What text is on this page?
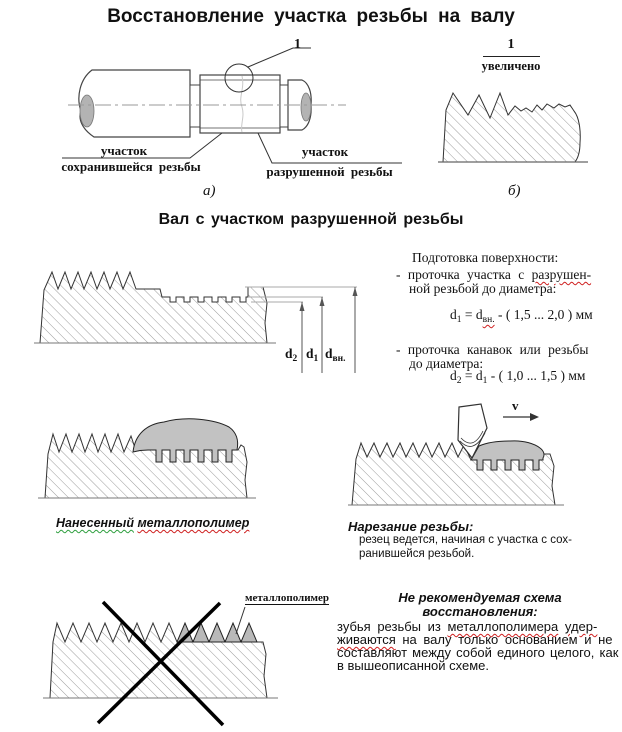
Восстановление участка резьбы на валу
1
участок
сохранившейся резьбы
участок
разрушенной резьбы
а)
1
увеличено
б)
Вал с участком разрушенной резьбы
$d_2$ $d_1$ $d_{вн.}$
Подготовка поверхности:
- проточка участка с разрушен-
ной резьбой до диаметра:
$d_1 = d_{вн.}$ - ( 1,5 ... 2,0 ) мм
- проточка канавок или резьбы
до диаметра:
$d_2 = d_1$ - ( 1,0 ... 1,5 ) мм
Нанесенный металлополимер
v
Нарезание резьбы:
резец ведется, начиная с участка с сох-
ранившейся резьбой.
металлополимер	Не рекомендуемая схема
восстановления:
зубья резьбы из металлополимера удер-
живаются на валу только основанием и не
составляют между собой единого целого, как
в вышеописанной схеме.
